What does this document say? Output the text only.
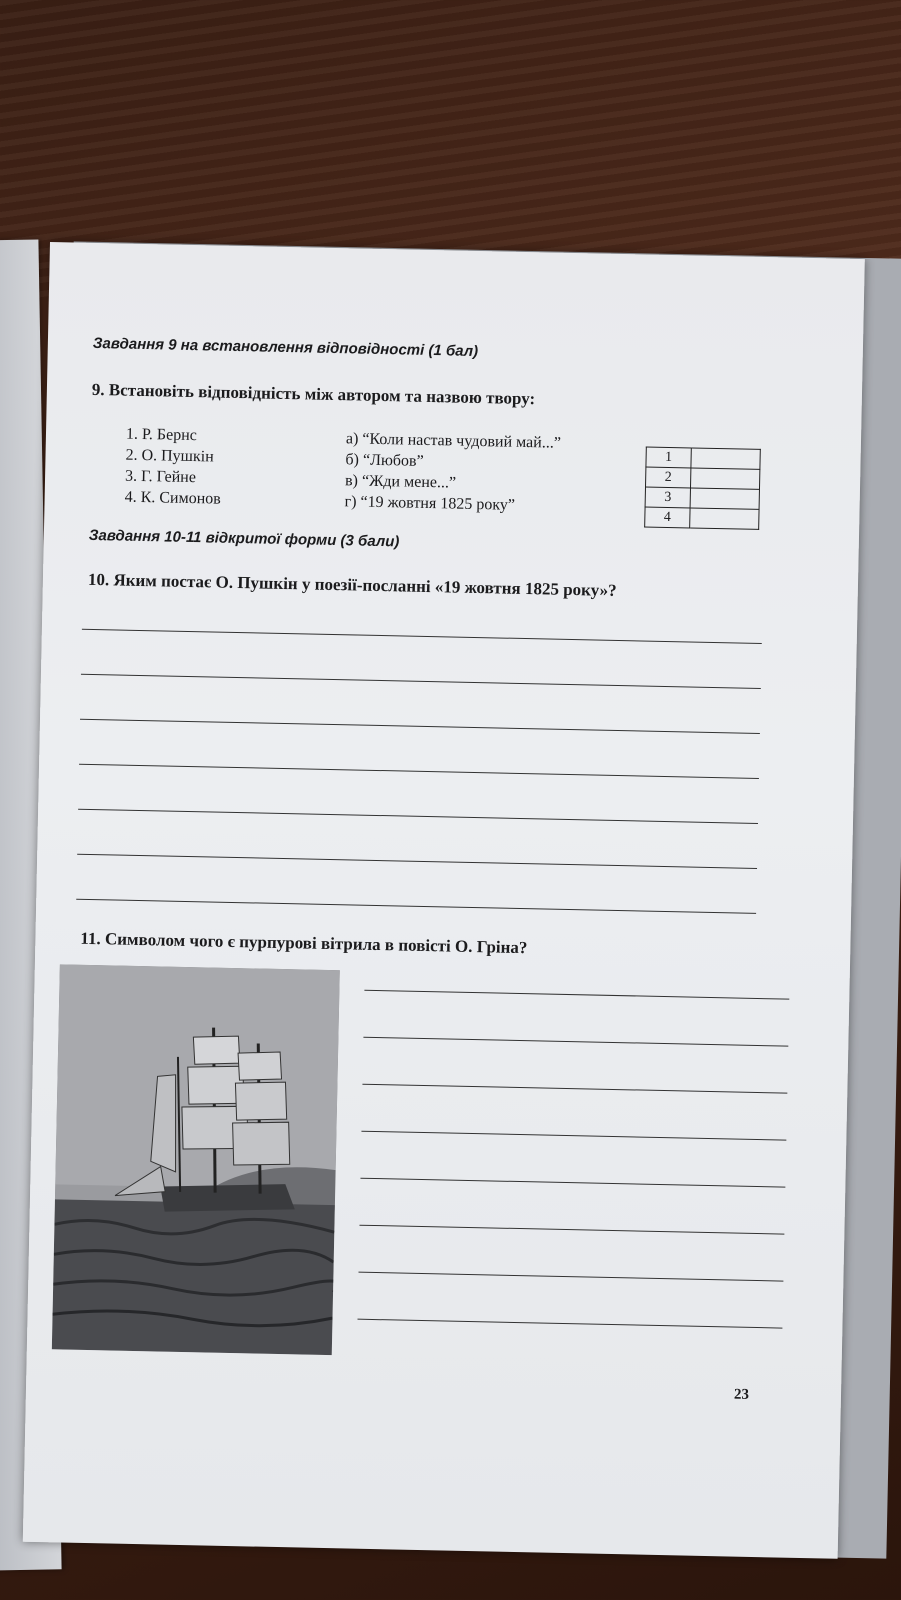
Завдання 9 на встановлення відповідності (1 бал)
9. Встановіть відповідність між автором та назвою твору:
1. Р. Бернс
2. О. Пушкін
3. Г. Гейне
4. К. Симонов
а) “Коли настав чудовий май...”
б) “Любов”
в) “Жди мене...”
г) “19 жовтня 1825 року”
1	
2	
3	
4	
Завдання 10-11 відкритої форми (3 бали)
10. Яким постає О. Пушкін у поезії-посланні «19 жовтня 1825 року»?
11. Символом чого є пурпурові вітрила в повісті О. Гріна?
23
